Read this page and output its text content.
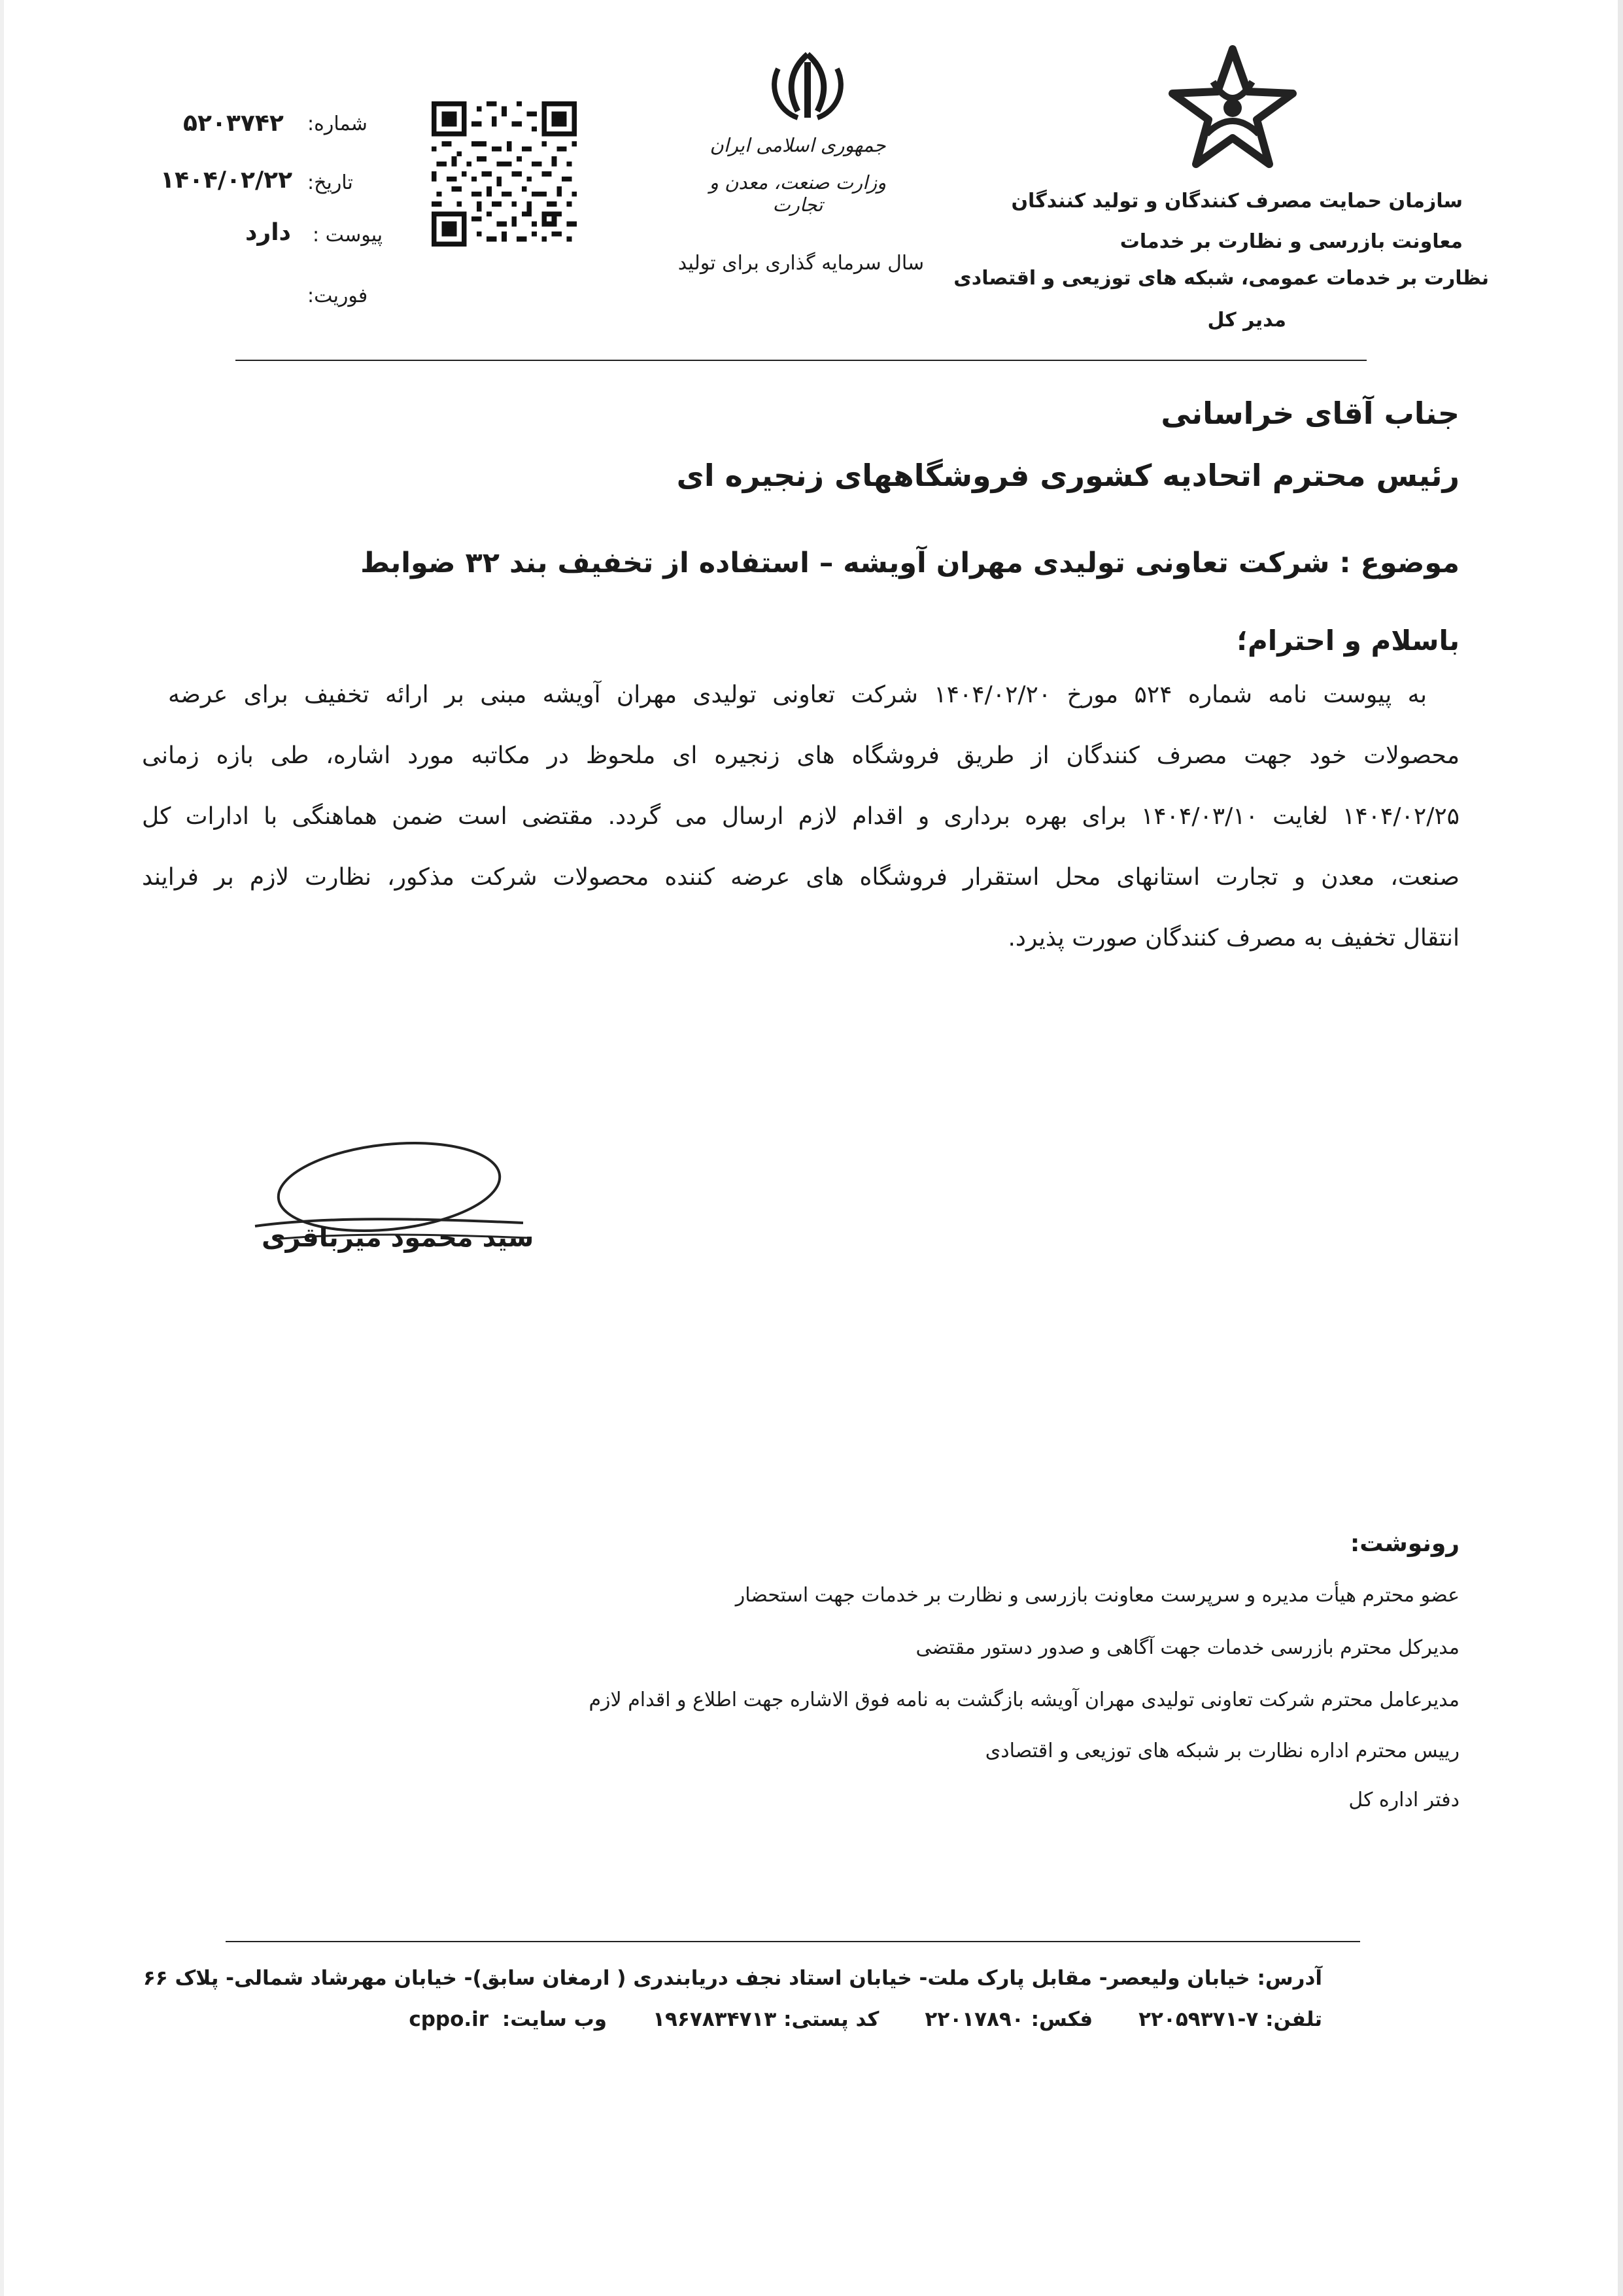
سازمان حمایت مصرف کنندگان و تولید کنندگان
معاونت بازرسی و نظارت بر خدمات
نظارت بر خدمات عمومی، شبکه های توزیعی و اقتصادی
مدیر کل
جمهوری اسلامی ایران
وزارت صنعت، معدن و تجارت
سال سرمایه گذاری برای تولید
شماره:
۵۲۰۳۷۴۲
تاریخ:
۱۴۰۴/۰۲/۲۲
پیوست :
دارد
فوریت:
جناب آقای خراسانی
رئیس محترم اتحادیه کشوری فروشگاههای زنجیره ای
موضوع : شرکت تعاونی تولیدی مهران آویشه – استفاده از تخفیف بند ۳۲ ضوابط
باسلام و احترام؛
به پیوست نامه شماره ۵۲۴ مورخ ۱۴۰۴/۰۲/۲۰ شرکت تعاونی تولیدی مهران آویشه مبنی بر ارائه تخفیف برای عرضه
محصولات خود جهت مصرف کنندگان از طریق فروشگاه های زنجیره ای ملحوظ در مکاتبه مورد اشاره، طی بازه زمانی
۱۴۰۴/۰۲/۲۵ لغایت ۱۴۰۴/۰۳/۱۰ برای بهره برداری و اقدام لازم ارسال می گردد. مقتضی است ضمن هماهنگی با ادارات کل
صنعت، معدن و تجارت استانهای محل استقرار فروشگاه های عرضه کننده محصولات شرکت مذکور، نظارت لازم بر فرایند
انتقال تخفیف به مصرف کنندگان صورت پذیرد.
سید محمود میرباقری
رونوشت:
عضو محترم هیأت مدیره و سرپرست معاونت بازرسی و نظارت بر خدمات جهت استحضار
مدیرکل محترم بازرسی خدمات جهت آگاهی و صدور دستور مقتضی
مدیرعامل محترم شرکت تعاونی تولیدی مهران آویشه بازگشت به نامه فوق الاشاره جهت اطلاع و اقدام لازم
رییس محترم اداره نظارت بر شبکه های توزیعی و اقتصادی
دفتر اداره کل
آدرس: خیابان ولیعصر- مقابل پارک ملت- خیابان استاد نجف دریابندری ( ارمغان سابق)- خیابان مهرشاد شمالی- پلاک ۶۶
تلفن: ۷-۲۲۰۵۹۳۷۱
فکس: ۲۲۰۱۷۸۹۰
کد پستی: ۱۹۶۷۸۳۴۷۱۳
وب سایت: cppo.ir
